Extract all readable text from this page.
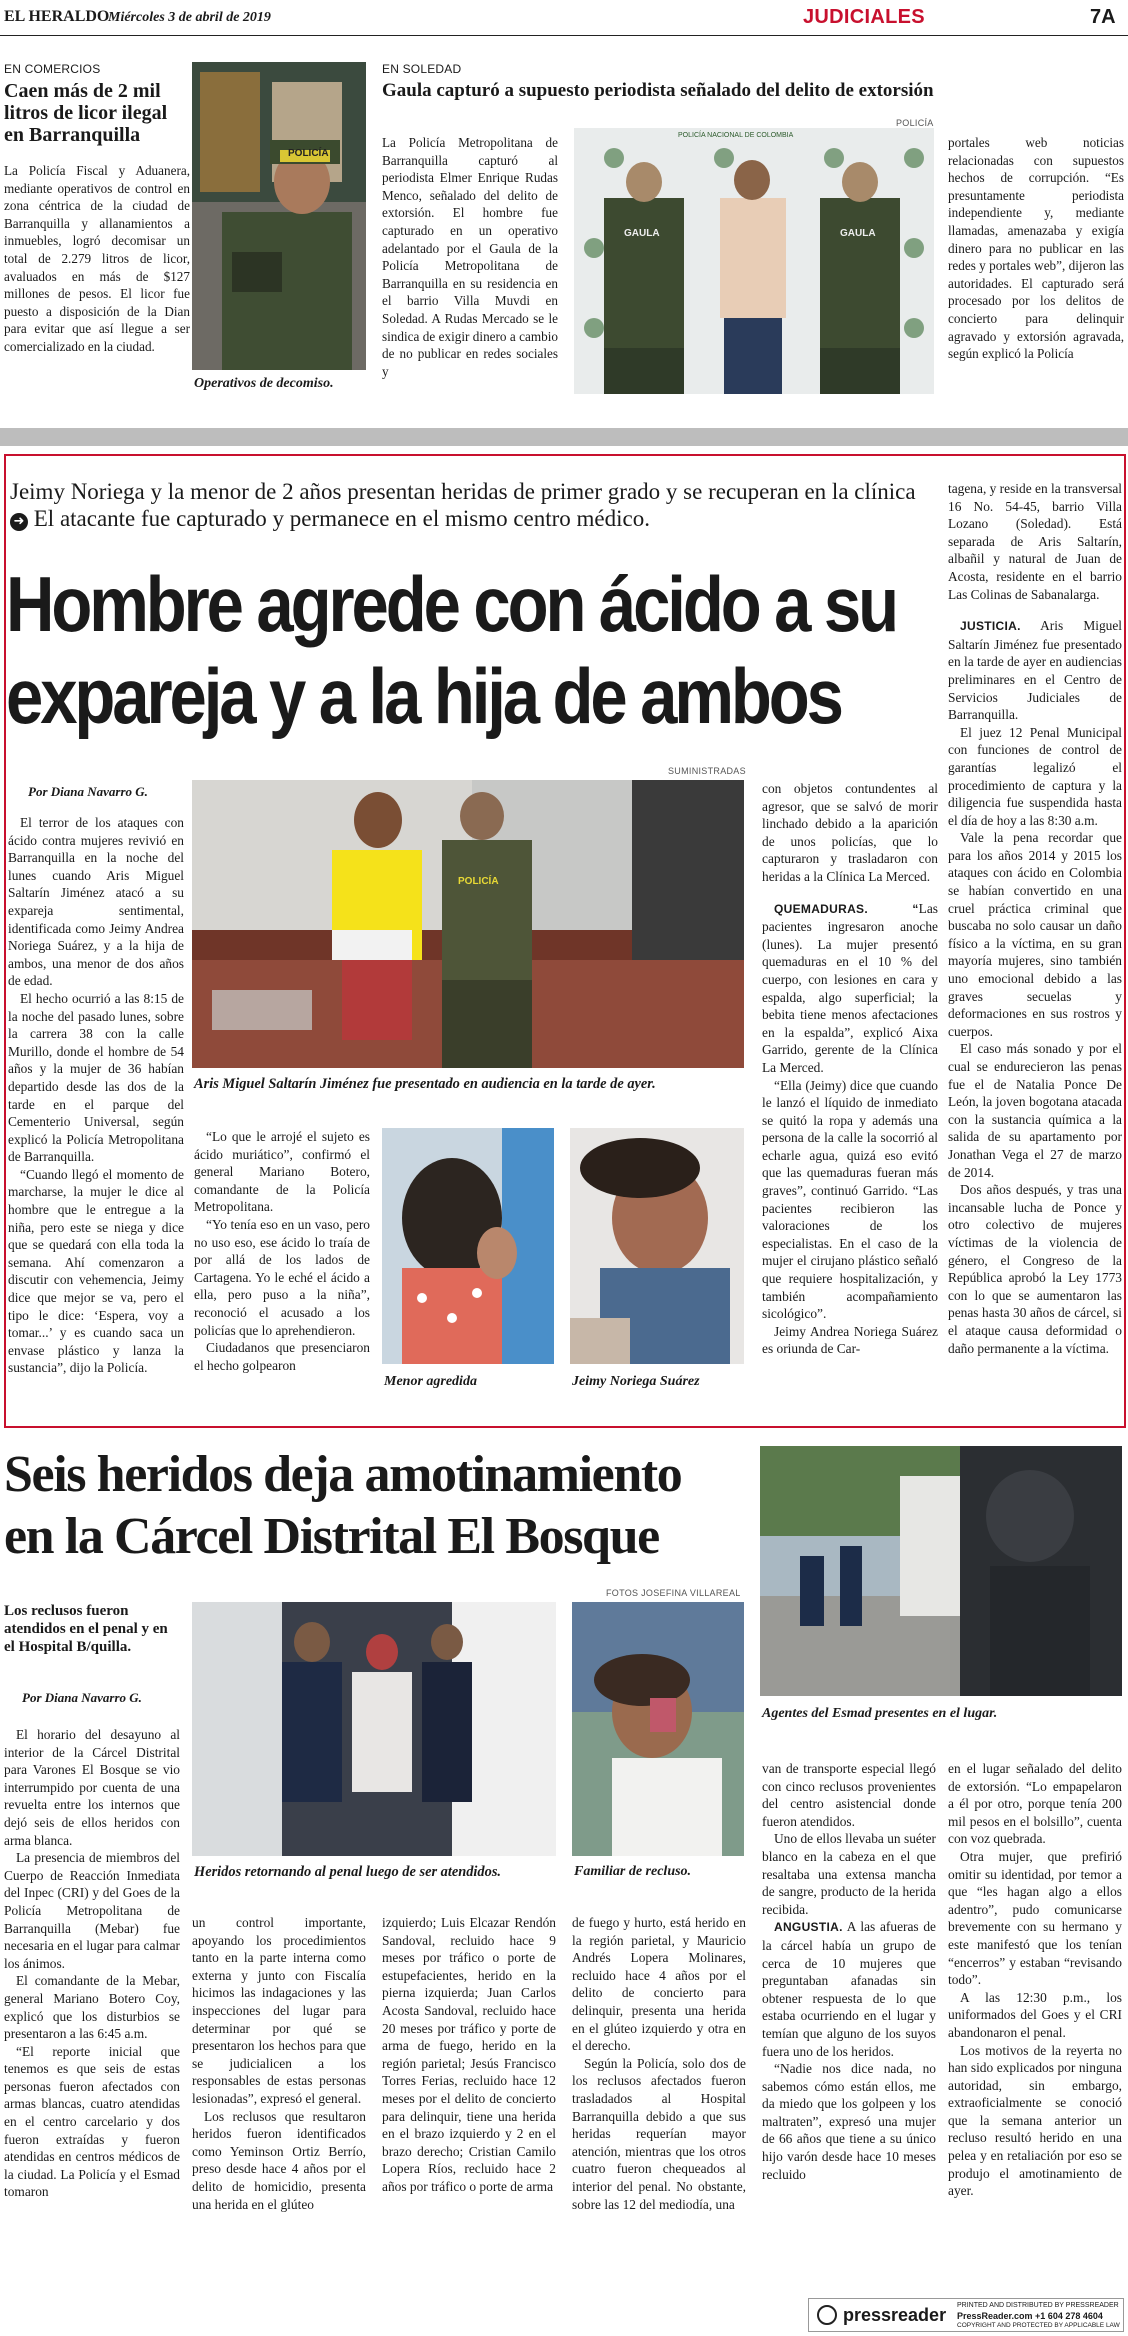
EL HERALDO
Miércoles 3 de abril de 2019	JUDICIALES	7A
EN COMERCIOS
Caen más de 2 mil litros de licor ilegal en Barranquilla

La Policía Fiscal y Aduanera, mediante operativos de control en zona céntrica de la ciudad de Barranquilla y allanamientos a inmuebles, logró decomisar un total de 2.279 litros de licor, avaluados en más de $127 millones de pesos. El licor fue puesto a disposición de la Dian para evitar que así llegue a ser comercializado en la ciudad.

POLICÍA
Operativos de decomiso.
EN SOLEDAD
Gaula capturó a supuesto periodista señalado del delito de extorsión
POLICÍA

La Policía Metropolitana de Barranquilla capturó al periodista Elmer Enrique Rudas Menco, señalado del delito de extorsión. El hombre fue capturado en un operativo adelantado por el Gaula de la Policía Metropolitana de Barranquilla en su residencia en el barrio Villa Muvdi en Soledad. A Rudas Mercado se le sindica de exigir dinero a cambio de no publicar en redes sociales y

POLICÍA NACIONAL DE COLOMBIA
GAULA	GAULA

portales web noticias relacionadas con supuestos hechos de corrupción. “Es presuntamente periodista independiente y, mediante llamadas, amenazaba y exigía dinero para no publicar en las redes y portales web”, dijeron las autoridades. El capturado será procesado por los delitos de concierto para delinquir agravado y extorsión agravada, según explicó la Policía

Jeimy Noriega y la menor de 2 años presentan heridas de primer grado y se recuperan en la clínica ➜ El atacante fue capturado y permanece en el mismo centro médico.
Hombre agrede con ácido a su
expareja y a la hija de ambos
Por Diana Navarro G.
SUMINISTRADAS

El terror de los ataques con ácido contra mujeres revivió en Barranquilla en la noche del lunes cuando Aris Miguel Saltarín Jiménez atacó a su expareja sentimental, identificada como Jeimy Andrea Noriega Suárez, y a la hija de ambos, una menor de dos años de edad.

El hecho ocurrió a las 8:15 de la noche del pasado lunes, sobre la carrera 38 con la calle Murillo, donde el hombre de 54 años y la mujer de 36 habían departido desde las dos de la tarde en el parque del Cementerio Universal, según explicó la Policía Metropolitana de Barranquilla.

“Cuando llegó el momento de marcharse, la mujer le dice al hombre que le entregue a la niña, pero este se niega y dice que se quedará con ella toda la semana. Ahí comenzaron a discutir con vehemencia, Jeimy dice que mejor se va, pero el tipo le dice: ‘Espera, voy a tomar...’ y es cuando saca un envase plástico y lanza la sustancia”, dijo la Policía.

POLICÍA
Aris Miguel Saltarín Jiménez fue presentado en audiencia en la tarde de ayer.

“Lo que le arrojé el sujeto es ácido muriático”, confirmó el general Mariano Botero, comandante de la Policía Metropolitana.

“Yo tenía eso en un vaso, pero no uso eso, ese ácido lo traía de por allá de los lados de Cartagena. Yo le eché el ácido a ella, pero puso a la niña”, reconoció el acusado a los policías que lo aprehendieron.

Ciudadanos que presenciaron el hecho golpearon

Menor agredida	Jeimy Noriega Suárez

con objetos contundentes al agresor, que se salvó de morir linchado debido a la aparición de unos policías, que lo capturaron y trasladaron con heridas a la Clínica La Merced.

QUEMADURAS. “Las pacientes ingresaron anoche (lunes). La mujer presentó quemaduras en el 10 % del cuerpo, con lesiones en cara y espalda, algo superficial; la bebita tiene menos afectaciones en la espalda”, explicó Aixa Garrido, gerente de la Clínica La Merced.

“Ella (Jeimy) dice que cuando le lanzó el líquido de inmediato se quitó la ropa y además una persona de la calle la socorrió al echarle agua, quizá eso evitó que las quemaduras fueran más graves”, continuó Garrido. “Las pacientes recibieron las valoraciones de los especialistas. En el caso de la mujer el cirujano plástico señaló que requiere hospitalización, y también acompañamiento sicológico”.

Jeimy Andrea Noriega Suárez es oriunda de Car-

tagena, y reside en la transversal 16 No. 54-45, barrio Villa Lozano (Soledad). Está separada de Aris Saltarín, albañil y natural de Juan de Acosta, residente en el barrio Las Colinas de Sabanalarga.

JUSTICIA. Aris Miguel Saltarín Jiménez fue presentado en la tarde de ayer en audiencias preliminares en el Centro de Servicios Judiciales de Barranquilla.

El juez 12 Penal Municipal con funciones de control de garantías legalizó el procedimiento de captura y la diligencia fue suspendida hasta el día de hoy a las 8:30 a.m.

Vale la pena recordar que para los años 2014 y 2015 los ataques con ácido en Colombia se habían convertido en una cruel práctica criminal que buscaba no solo causar un daño físico a la víctima, en su gran mayoría mujeres, sino también uno emocional debido a las graves secuelas y deformaciones en sus rostros y cuerpos.

El caso más sonado y por el cual se endurecieron las penas fue el de Natalia Ponce De León, la joven bogotana atacada con la sustancia química a la salida de su apartamento por Jonathan Vega el 27 de marzo de 2014.

Dos años después, y tras una incansable lucha de Ponce y otro colectivo de mujeres víctimas de la violencia de género, el Congreso de la República aprobó la Ley 1773 con lo que se aumentaron las penas hasta 30 años de cárcel, si el ataque causa deformidad o daño permanente a la víctima.

Seis heridos deja amotinamiento
en la Cárcel Distrital El Bosque
Agentes del Esmad presentes en el lugar.
Los reclusos fueron atendidos en el penal y en el Hospital B/quilla.
Por Diana Navarro G.
FOTOS JOSEFINA VILLAREAL

El horario del desayuno al interior de la Cárcel Distrital para Varones El Bosque se vio interrumpido por cuenta de una revuelta entre los internos que dejó seis de ellos heridos con arma blanca.

La presencia de miembros del Cuerpo de Reacción Inmediata del Inpec (CRI) y del Goes de la Policía Metropolitana de Barranquilla (Mebar) fue necesaria en el lugar para calmar los ánimos.

El comandante de la Mebar, general Mariano Botero Coy, explicó que los disturbios se presentaron a las 6:45 a.m.

“El reporte inicial que tenemos es que seis de estas personas fueron afectados con armas blancas, cuatro atendidas en el centro carcelario y dos fueron extraídas y fueron atendidas en centros médicos de la ciudad. La Policía y el Esmad tomaron

Heridos retornando al penal luego de ser atendidos.	Familiar de recluso.

un control importante, apoyando los procedimientos tanto en la parte interna como externa y junto con Fiscalía hicimos las indagaciones y las inspecciones del lugar para determinar por qué se presentaron los hechos para que se judicialicen a los responsables de estas personas lesionadas”, expresó el general.

Los reclusos que resultaron heridos fueron identificados como Yeminson Ortiz Berrío, preso desde hace 4 años por el delito de homicidio, presenta una herida en el glúteo

izquierdo; Luis Elcazar Rendón Sandoval, recluido hace 9 meses por tráfico o porte de estupefacientes, herido en la pierna izquierda; Juan Carlos Acosta Sandoval, recluido hace 20 meses por tráfico y porte de arma de fuego, herido en la región parietal; Jesús Francisco Torres Ferias, recluido hace 12 meses por el delito de concierto para delinquir, tiene una herida en el brazo izquierdo y 2 en el brazo derecho; Cristian Camilo Lopera Ríos, recluido hace 2 años por tráfico o porte de arma

de fuego y hurto, está herido en la región parietal, y Mauricio Andrés Lopera Molinares, recluido hace 4 años por el delito de concierto para delinquir, presenta una herida en el glúteo izquierdo y otra en el derecho.

Según la Policía, solo dos de los reclusos afectados fueron trasladados al Hospital Barranquilla debido a que sus heridas requerían mayor atención, mientras que los otros cuatro fueron chequeados al interior del penal. No obstante, sobre las 12 del mediodía, una

van de transporte especial llegó con cinco reclusos provenientes del centro asistencial donde fueron atendidos.

Uno de ellos llevaba un suéter blanco en la cabeza en el que resaltaba una extensa mancha de sangre, producto de la herida recibida.

ANGUSTIA. A las afueras de la cárcel había un grupo de cerca de 10 mujeres que preguntaban afanadas sin obtener respuesta de lo que estaba ocurriendo en el lugar y temían que alguno de los suyos fuera uno de los heridos.

“Nadie nos dice nada, no sabemos cómo están ellos, me da miedo que los golpeen y los maltraten”, expresó una mujer de 66 años que tiene a su único hijo varón desde hace 10 meses recluido

en el lugar señalado del delito de extorsión. “Lo empapelaron a él por otro, porque tenía 200 mil pesos en el bolsillo”, cuenta con voz quebrada.

Otra mujer, que prefirió omitir su identidad, por temor a que “les hagan algo a ellos adentro”, pudo comunicarse brevemente con su hermano y este manifestó que los tenían “encerros” y estaban “revisando todo”.

A las 12:30 p.m., los uniformados del Goes y el CRI abandonaron el penal.

Los motivos de la reyerta no han sido explicados por ninguna autoridad, sin embargo, extraoficialmente se conoció que la semana anterior un recluso resultó herido en una pelea y en retaliación por eso se produjo el amotinamiento de ayer.

pressreader PRINTED AND DISTRIBUTED BY PRESSREADER
PressReader.com +1 604 278 4604
COPYRIGHT AND PROTECTED BY APPLICABLE LAW
